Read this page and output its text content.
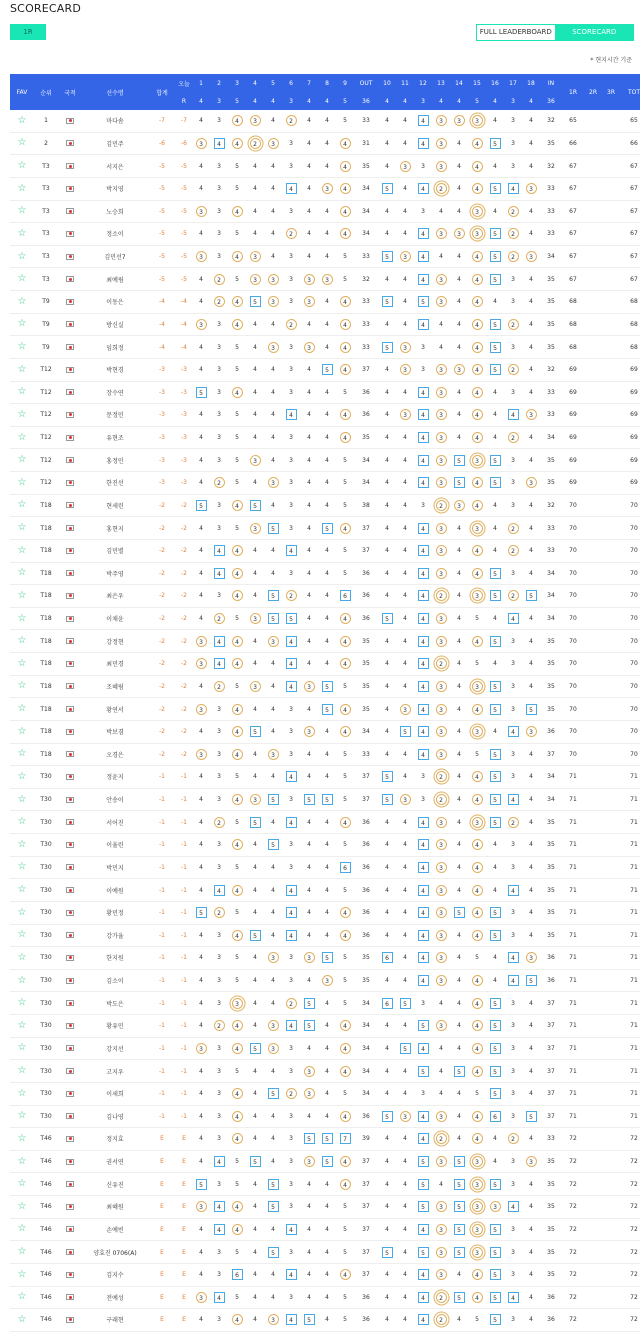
SCORECARD
1R	FULL LEADERBOARD	SCORECARD
* 현지시간 기준
FAV	순위	국적	선수명	합계	오늘	1	2	3	4	5	6	7	8	9	OUT	10	11	12	13	14	15	16	17	18	IN	1R	2R	3R	TOT
					R	4	3	5	4	4	3	4	4	5	36	4	4	3	4	4	5	4	3	4	36				
☆	1		마다솜	-7	-7	4	3	4	3	4	2	4	4	5	33	4	4	4	3	3	3	4	3	4	32	65			65
☆	2		김민주	-6	-6	3	4	4	2	3	3	4	4	4	31	4	4	4	3	4	4	5	3	4	35	66			66
☆	T3		서지은	-5	-5	4	3	5	4	4	3	4	4	4	35	4	3	3	3	4	4	4	3	4	32	67			67
☆	T3		박지영	-5	-5	4	3	5	4	4	4	4	3	4	34	5	4	4	2	4	4	5	4	3	33	67			67
☆	T3		노승희	-5	-5	3	3	4	4	4	3	4	4	4	34	4	4	3	4	4	3	4	2	4	33	67			67
☆	T3		정소이	-5	-5	4	3	5	4	4	2	4	4	4	34	4	4	4	3	3	3	5	2	4	33	67			67
☆	T3		김민선7	-5	-5	3	3	4	3	4	3	4	4	5	33	5	3	4	4	4	4	5	2	3	34	67			67
☆	T3		최예림	-5	-5	4	2	5	3	3	3	3	3	5	32	4	4	4	3	4	4	5	3	4	35	67			67
☆	T9		이동은	-4	-4	4	2	4	5	3	3	3	4	4	33	5	4	5	3	4	4	4	3	4	35	68			68
☆	T9		방신실	-4	-4	3	3	4	4	4	2	4	4	4	33	4	4	4	4	4	4	5	2	4	35	68			68
☆	T9		임희정	-4	-4	4	3	5	4	3	3	3	4	4	33	5	3	3	4	4	4	5	3	4	35	68			68
☆	T12		박현경	-3	-3	4	3	5	4	4	3	4	5	4	37	4	3	3	3	3	4	5	2	4	32	69			69
☆	T12		장수연	-3	-3	5	3	4	4	4	3	4	4	5	36	4	4	4	3	4	4	4	3	4	33	69			69
☆	T12		문정민	-3	-3	4	3	5	4	4	4	4	4	4	36	4	3	4	3	4	4	4	4	3	33	69			69
☆	T12		유현조	-3	-3	4	3	5	4	4	3	4	4	4	35	4	4	4	3	4	4	4	2	4	34	69			69
☆	T12		홍정민	-3	-3	4	3	5	3	4	3	4	4	5	34	4	4	4	3	5	3	5	3	4	35	69			69
☆	T12		한진선	-3	-3	4	2	5	4	3	3	4	4	5	34	4	4	4	3	5	4	5	3	3	35	69			69
☆	T18		현세린	-2	-2	5	3	4	5	4	3	4	4	5	38	4	4	3	2	3	4	4	3	4	32	70			70
☆	T18		홍현지	-2	-2	4	3	5	3	5	3	4	5	4	37	4	4	4	3	4	3	4	2	4	33	70			70
☆	T18		김민별	-2	-2	4	4	4	4	4	4	4	4	5	37	4	4	4	3	4	4	4	2	4	33	70			70
☆	T18		박주영	-2	-2	4	4	4	4	4	3	4	4	5	36	4	4	4	3	4	4	5	3	4	34	70			70
☆	T18		최은우	-2	-2	4	3	4	4	5	2	4	4	6	36	4	4	4	2	4	3	5	2	5	34	70			70
☆	T18		이채윤	-2	-2	4	2	5	3	5	5	4	4	4	36	5	4	4	3	4	5	4	4	4	34	70			70
☆	T18		강정현	-2	-2	3	4	4	4	3	4	4	4	4	35	4	4	4	3	4	4	5	3	4	35	70			70
☆	T18		최민경	-2	-2	3	4	4	4	4	4	4	4	4	35	4	4	4	2	4	5	4	3	4	35	70			70
☆	T18		조혜림	-2	-2	4	2	5	3	4	4	3	5	5	35	4	4	4	3	4	3	5	3	4	35	70			70
☆	T18		황연서	-2	-2	3	3	4	4	4	3	4	5	4	35	4	3	4	3	4	4	5	3	5	35	70			70
☆	T18		박보겸	-2	-2	4	3	4	5	4	3	3	4	4	34	4	5	4	3	4	3	4	4	3	36	70			70
☆	T18		오경은	-2	-2	3	3	4	4	3	3	4	4	5	33	4	4	4	3	4	5	5	3	4	37	70			70
☆	T30		정윤지	-1	-1	4	3	5	4	4	4	4	4	5	37	5	4	3	2	4	4	5	3	4	34	71			71
☆	T30		안송이	-1	-1	4	3	4	3	5	3	5	5	5	37	5	3	3	2	4	4	5	4	4	34	71			71
☆	T30		서어진	-1	-1	4	2	5	5	4	4	4	4	4	36	4	4	4	3	4	3	5	2	4	35	71			71
☆	T30		이율린	-1	-1	4	3	4	4	5	3	4	4	5	36	4	4	4	3	4	4	4	3	4	35	71			71
☆	T30		박민지	-1	-1	4	3	5	4	4	3	4	4	6	36	4	4	4	3	4	4	4	3	4	35	71			71
☆	T30		이예원	-1	-1	4	4	4	4	4	4	4	4	5	36	4	4	4	3	4	4	4	4	4	35	71			71
☆	T30		황민정	-1	-1	5	2	5	4	4	4	4	4	4	36	4	4	4	3	5	4	5	3	4	35	71			71
☆	T30		강가율	-1	-1	4	3	4	5	4	4	4	4	4	36	4	4	4	3	4	4	5	3	4	35	71			71
☆	T30		한지원	-1	-1	4	3	5	4	3	3	3	5	5	35	6	4	4	3	4	5	4	4	3	36	71			71
☆	T30		김소이	-1	-1	4	3	5	4	4	3	4	3	5	35	4	4	4	3	4	4	4	4	5	36	71			71
☆	T30		박도은	-1	-1	4	3	3	4	4	2	5	4	5	34	6	5	3	4	4	4	5	3	4	37	71			71
☆	T30		황유민	-1	-1	4	2	4	4	3	4	5	4	4	34	4	4	5	3	4	4	5	3	4	37	71			71
☆	T30		강지선	-1	-1	3	3	4	5	3	3	4	4	4	34	4	5	4	4	4	4	5	3	4	37	71			71
☆	T30		고지우	-1	-1	4	3	5	4	4	3	3	4	4	34	4	4	5	4	5	4	5	3	4	37	71			71
☆	T30		이세희	-1	-1	4	3	4	4	5	2	3	4	5	34	4	4	3	4	4	5	5	3	4	37	71			71
☆	T30		김나영	-1	-1	4	3	4	4	4	3	4	4	4	36	5	3	4	3	4	4	6	3	5	37	71			71
☆	T46		정지효	E	E	4	3	4	4	4	3	5	5	7	39	4	4	4	2	4	4	4	2	4	33	72			72
☆	T46		권서연	E	E	4	4	5	5	4	3	3	5	4	37	4	4	5	3	5	3	4	3	3	35	72			72
☆	T46		신유진	E	E	5	3	5	4	5	3	4	4	4	37	4	4	5	4	5	3	5	3	4	35	72			72
☆	T46		최혜원	E	E	3	4	4	4	5	3	4	4	5	37	4	4	5	3	5	3	3	4	4	35	72			72
☆	T46		손예빈	E	E	4	4	4	4	4	4	4	4	5	37	4	4	4	3	5	3	5	3	4	35	72			72
☆	T46		양효진 0706(A)	E	E	4	3	5	4	5	3	4	4	5	37	5	4	5	3	5	3	5	3	4	35	72			72
☆	T46		김지수	E	E	4	3	6	4	4	4	4	4	4	37	4	4	4	3	4	4	5	3	4	35	72			72
☆	T46		전예성	E	E	3	4	5	4	4	3	4	4	5	36	4	4	4	2	5	4	5	4	4	36	72			72
☆	T46		구래현	E	E	4	3	4	4	3	4	5	4	5	36	4	4	4	2	4	5	5	3	4	36	72			72
